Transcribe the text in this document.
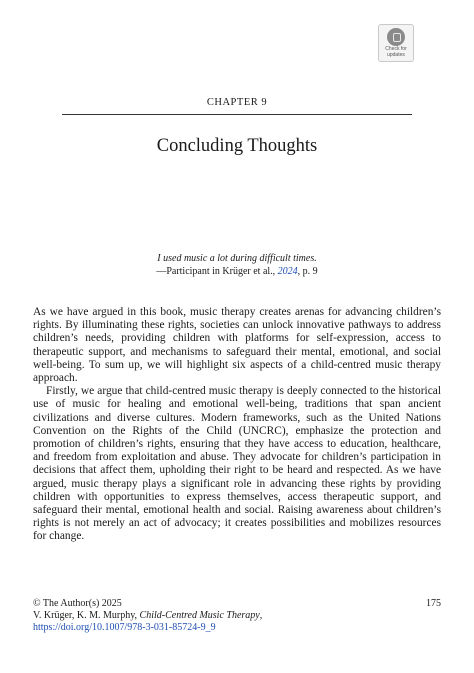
Check for
updates
CHAPTER 9
Concluding Thoughts
I used music a lot during difficult times.
—Participant in Krüger et al., 2024, p. 9

As we have argued in this book, music therapy creates arenas for advancing children’s rights. By illuminating these rights, societies can unlock innovative pathways to address children’s needs, providing children with platforms for self-expression, access to therapeutic support, and mechanisms to safeguard their mental, emotional, and social well-being. To sum up, we will highlight six aspects of a child-centred music therapy approach.

Firstly, we argue that child-centred music therapy is deeply connected to the historical use of music for healing and emotional well-being, traditions that span ancient civilizations and diverse cultures. Modern frameworks, such as the United Nations Convention on the Rights of the Child (UNCRC), emphasize the protection and promotion of children’s rights, ensuring that they have access to education, healthcare, and freedom from exploitation and abuse. They advocate for children’s participation in decisions that affect them, upholding their right to be heard and respected. As we have argued, music therapy plays a significant role in advancing these rights by providing children with opportunities to express themselves, access therapeutic support, and safeguard their mental, emotional health and social. Raising awareness about children’s rights is not merely an act of advocacy; it creates possibilities and mobilizes resources for change.

© The Author(s) 2025	175
V. Krüger, K. M. Murphy, Child-Centred Music Therapy,
https://doi.org/10.1007/978-3-031-85724-9_9
